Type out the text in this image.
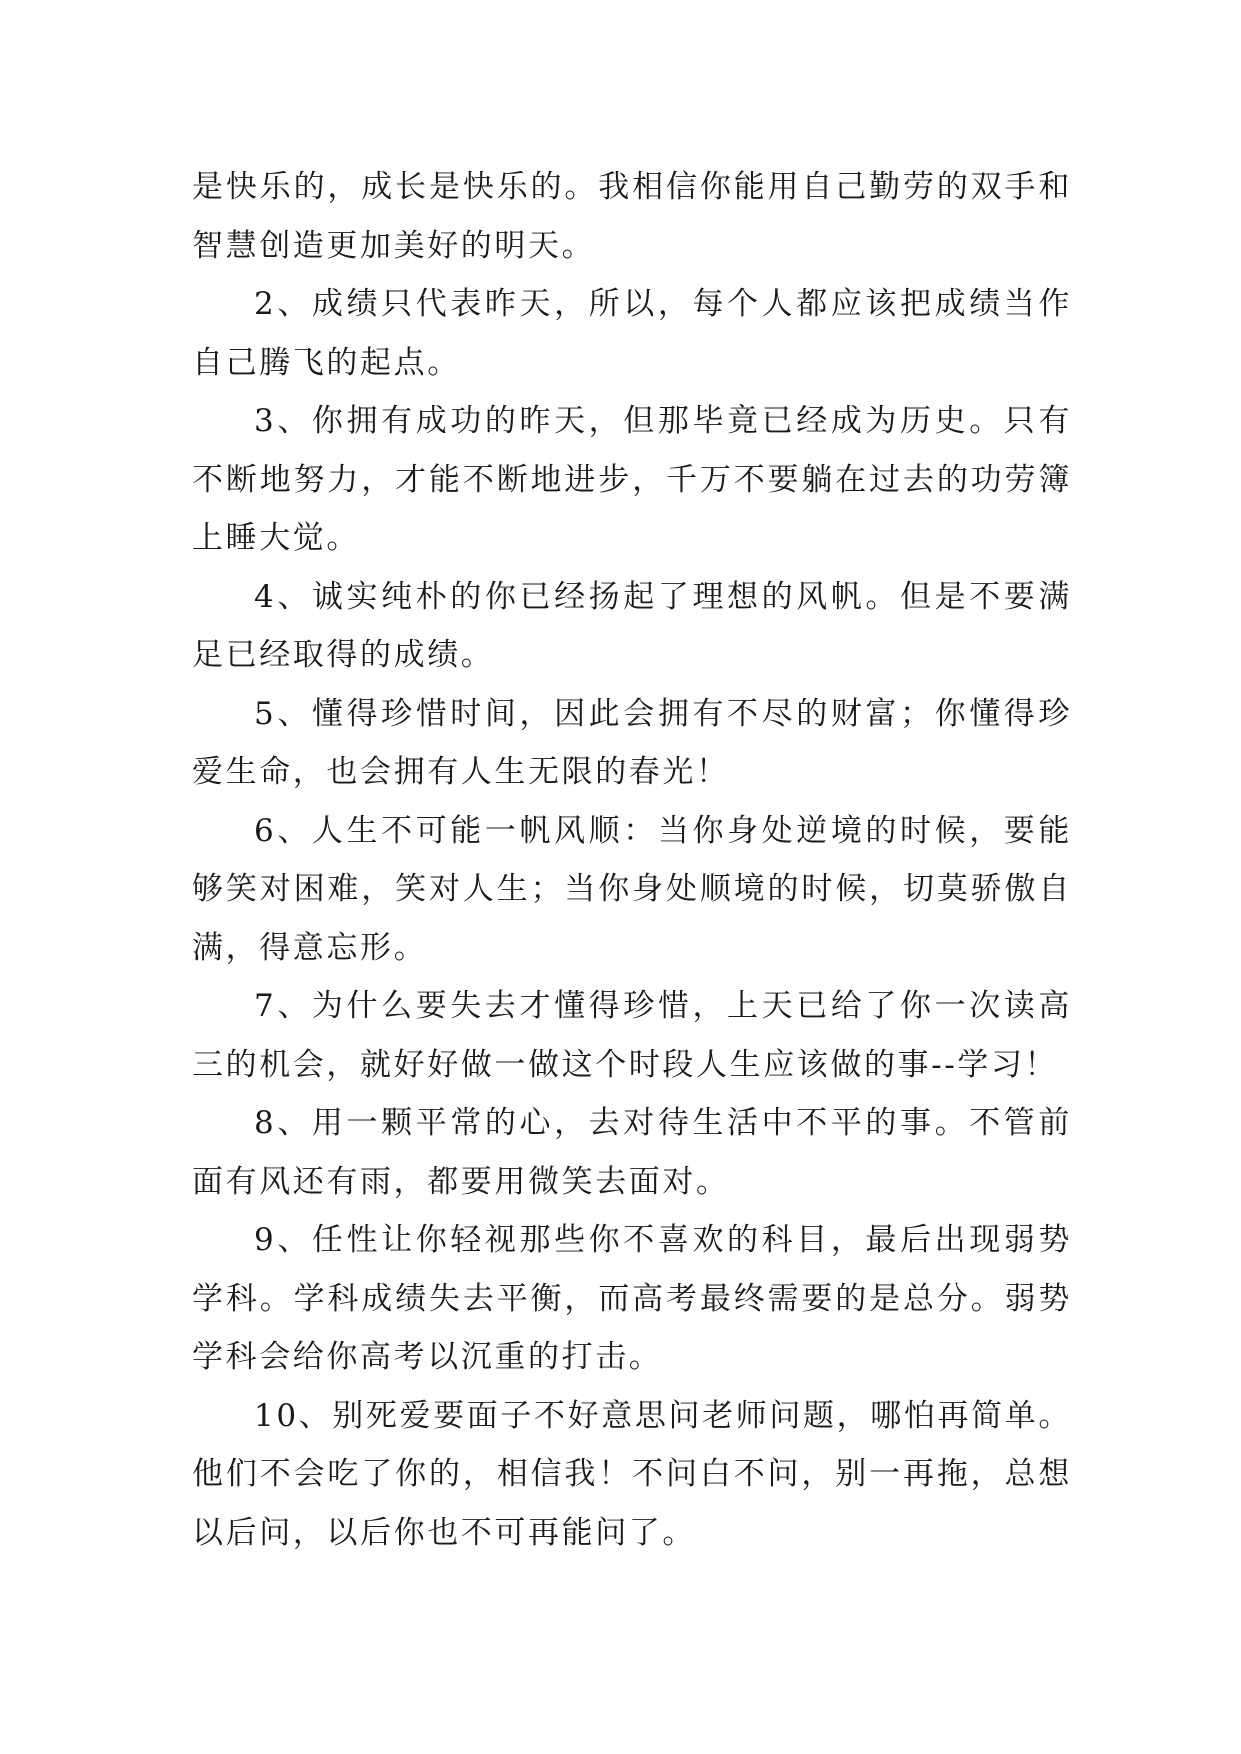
是快乐的，成长是快乐的。我相信你能用自己勤劳的双手和智慧创造更加美好的明天。

2、成绩只代表昨天，所以，每个人都应该把成绩当作自己腾飞的起点。

3、你拥有成功的昨天，但那毕竟已经成为历史。只有不断地努力，才能不断地进步，千万不要躺在过去的功劳簿上睡大觉。

4、诚实纯朴的你已经扬起了理想的风帆。但是不要满足已经取得的成绩。

5、懂得珍惜时间，因此会拥有不尽的财富；你懂得珍爱生命，也会拥有人生无限的春光！

6、人生不可能一帆风顺：当你身处逆境的时候，要能够笑对困难，笑对人生；当你身处顺境的时候，切莫骄傲自满，得意忘形。

7、为什么要失去才懂得珍惜，上天已给了你一次读高三的机会，就好好做一做这个时段人生应该做的事--学习！

8、用一颗平常的心，去对待生活中不平的事。不管前面有风还有雨，都要用微笑去面对。

9、任性让你轻视那些你不喜欢的科目，最后出现弱势学科。学科成绩失去平衡，而高考最终需要的是总分。弱势学科会给你高考以沉重的打击。

10、别死爱要面子不好意思问老师问题，哪怕再简单。他们不会吃了你的，相信我！不问白不问，别一再拖，总想以后问，以后你也不可再能问了。
